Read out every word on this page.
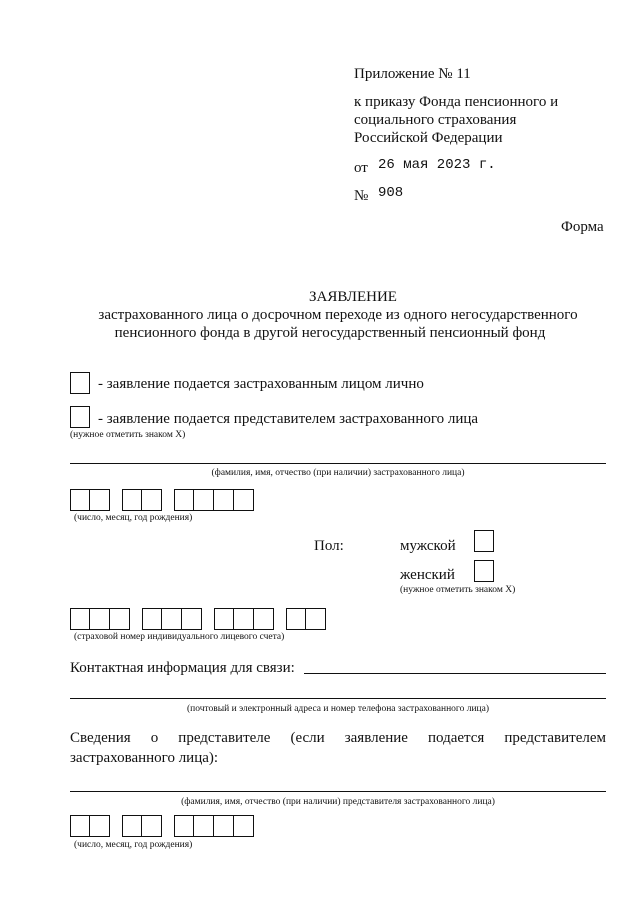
Приложение № 11
к приказу Фонда пенсионного и
социального страхования
Российской Федерации
от 26 мая 2023 г.
№ 908
Форма
ЗАЯВЛЕНИЕ
застрахованного лица о досрочном переходе из одного негосударственного
пенсионного фонда в другой негосударственный пенсионный фонд
- заявление подается застрахованным лицом лично
- заявление подается представителем застрахованного лица
(нужное отметить знаком Х)
(фамилия, имя, отчество (при наличии) застрахованного лица)
(число, месяц, год рождения)
Пол:	мужской
женский
(нужное отметить знаком Х)
(страховой номер индивидуального лицевого счета)
Контактная информация для связи:
(почтовый и электронный адреса и номер телефона застрахованного лица)
Сведения о представителе (если заявление подается представителем
застрахованного лица):
(фамилия, имя, отчество (при наличии) представителя застрахованного лица)
(число, месяц, год рождения)
